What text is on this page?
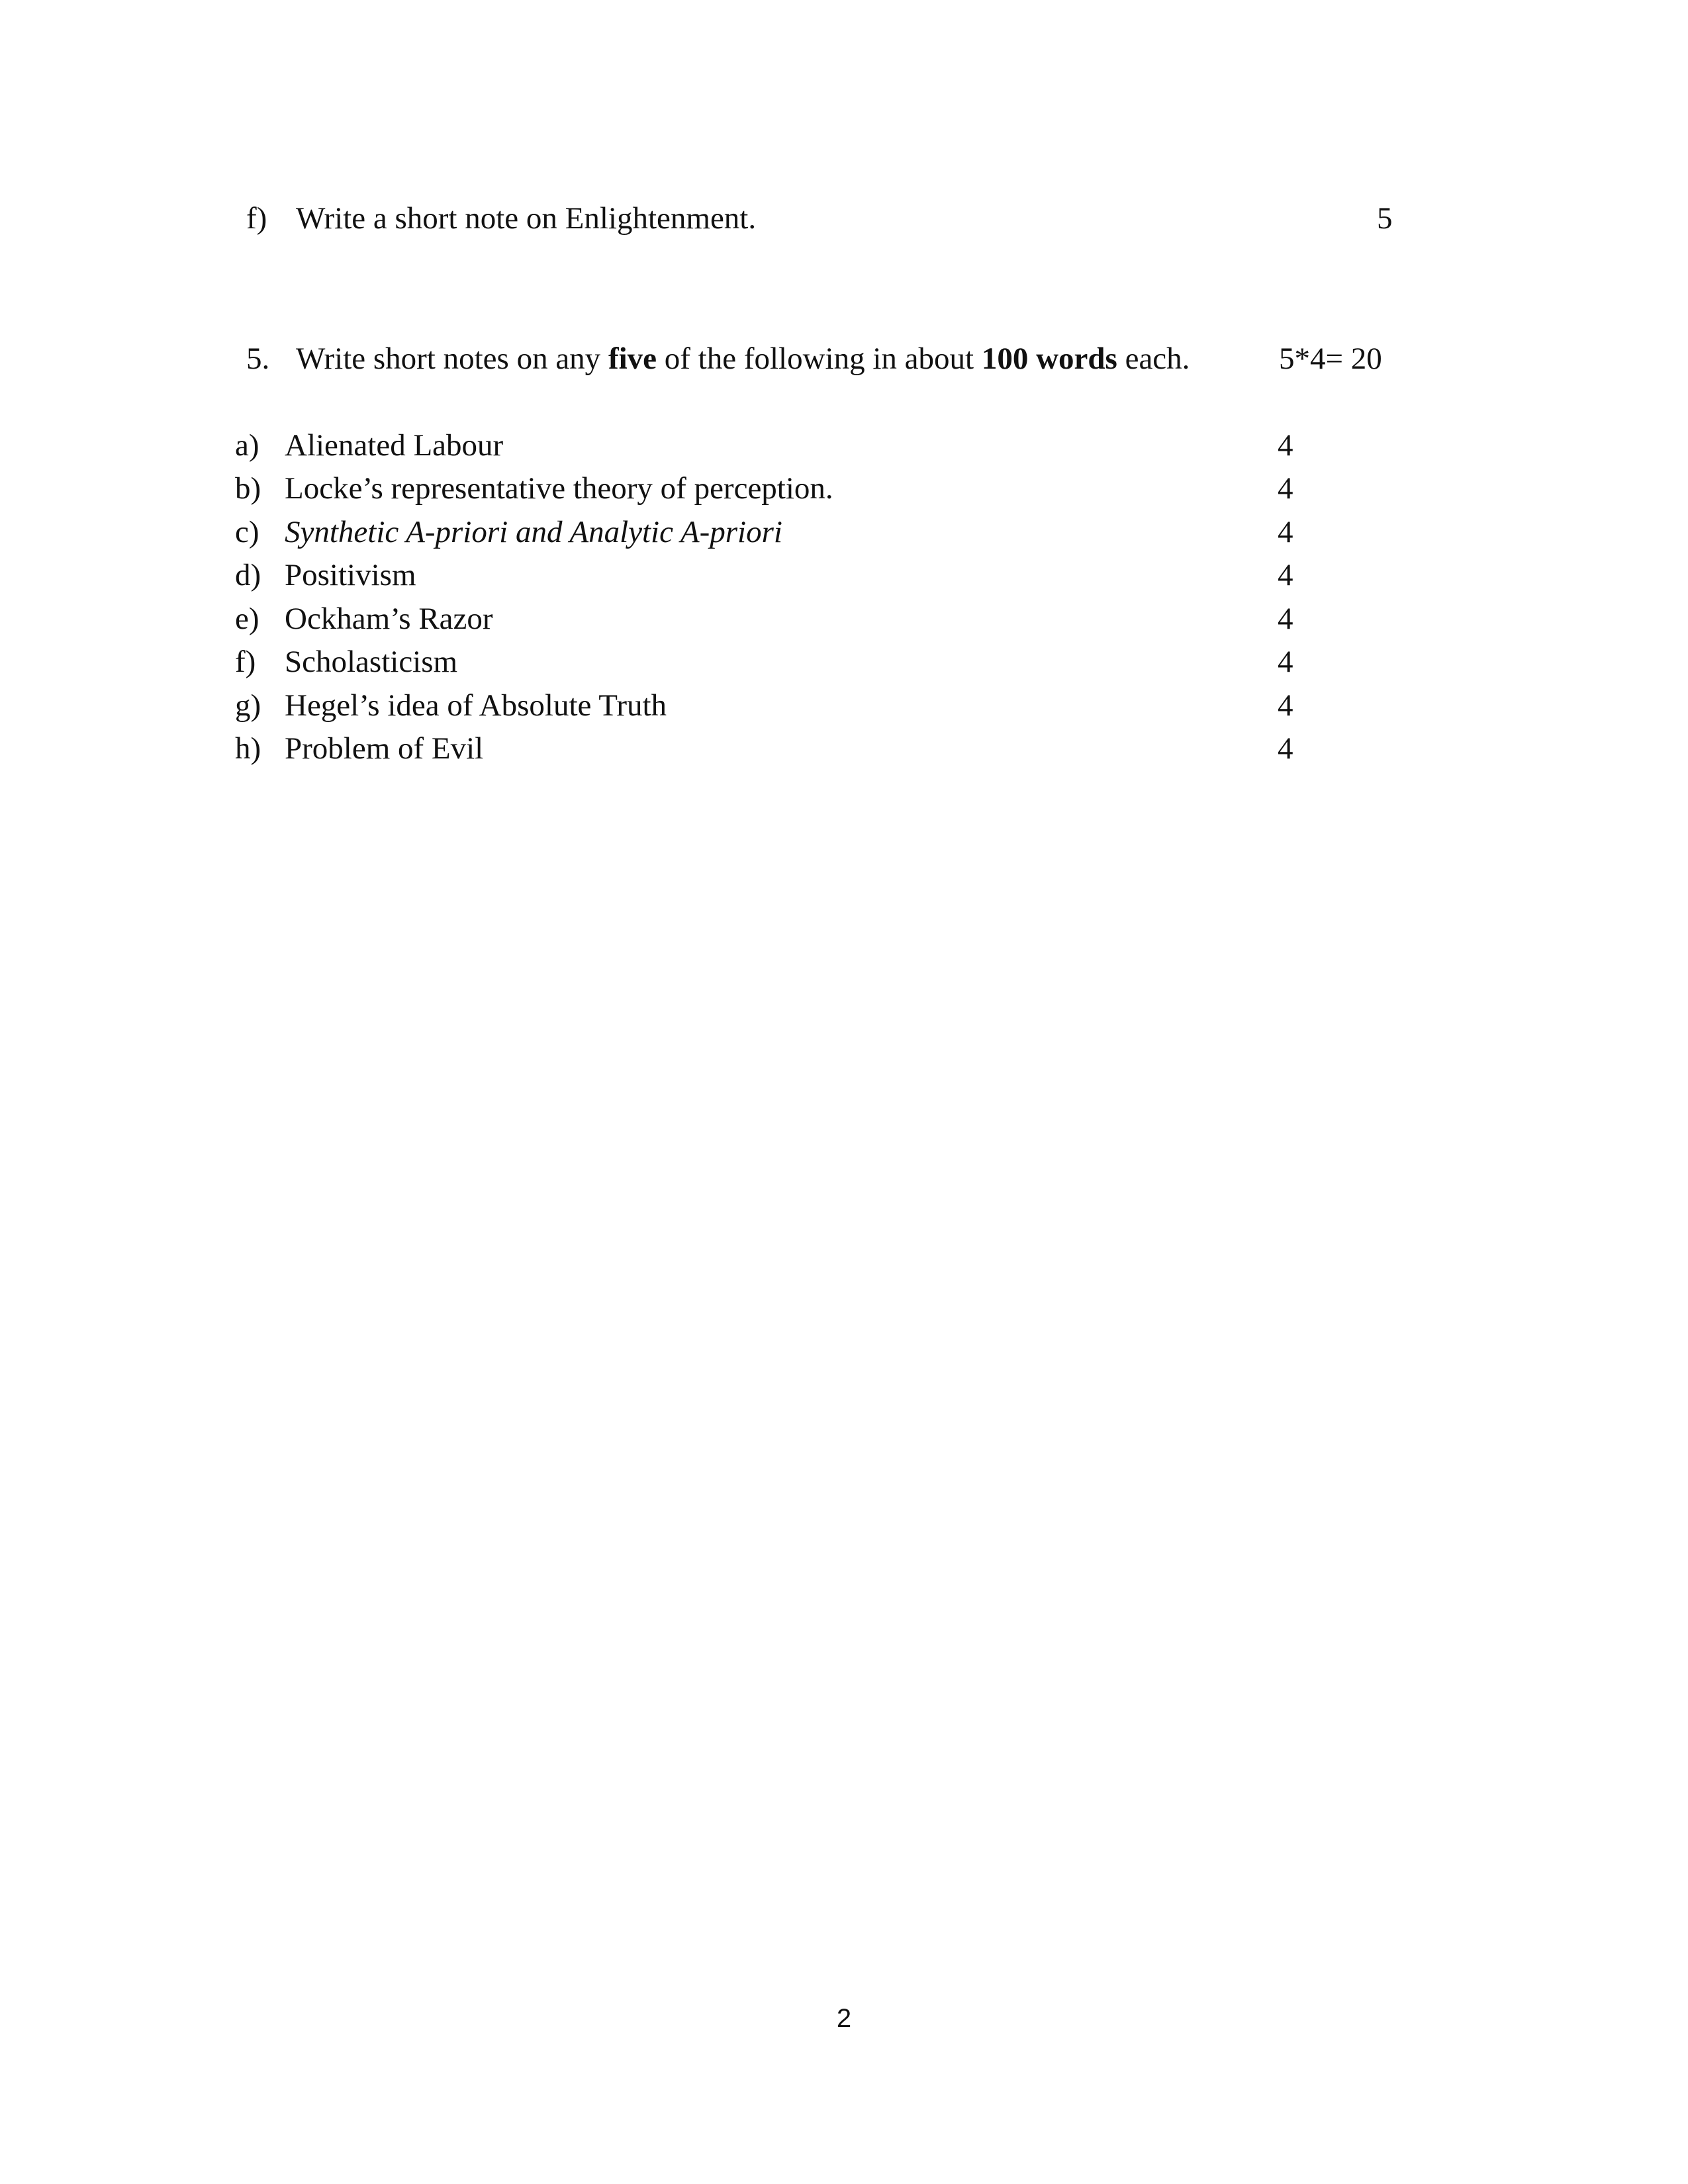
f) Write a short note on Enlightenment.	5
5. Write short notes on any five of the following in about 100 words each.	5*4= 20
a) Alienated Labour	4
b) Locke’s representative theory of perception.	4
c) Synthetic A-priori and Analytic A-priori	4
d) Positivism	4
e) Ockham’s Razor	4
f) Scholasticism	4
g) Hegel’s idea of Absolute Truth	4
h) Problem of Evil	4
2
